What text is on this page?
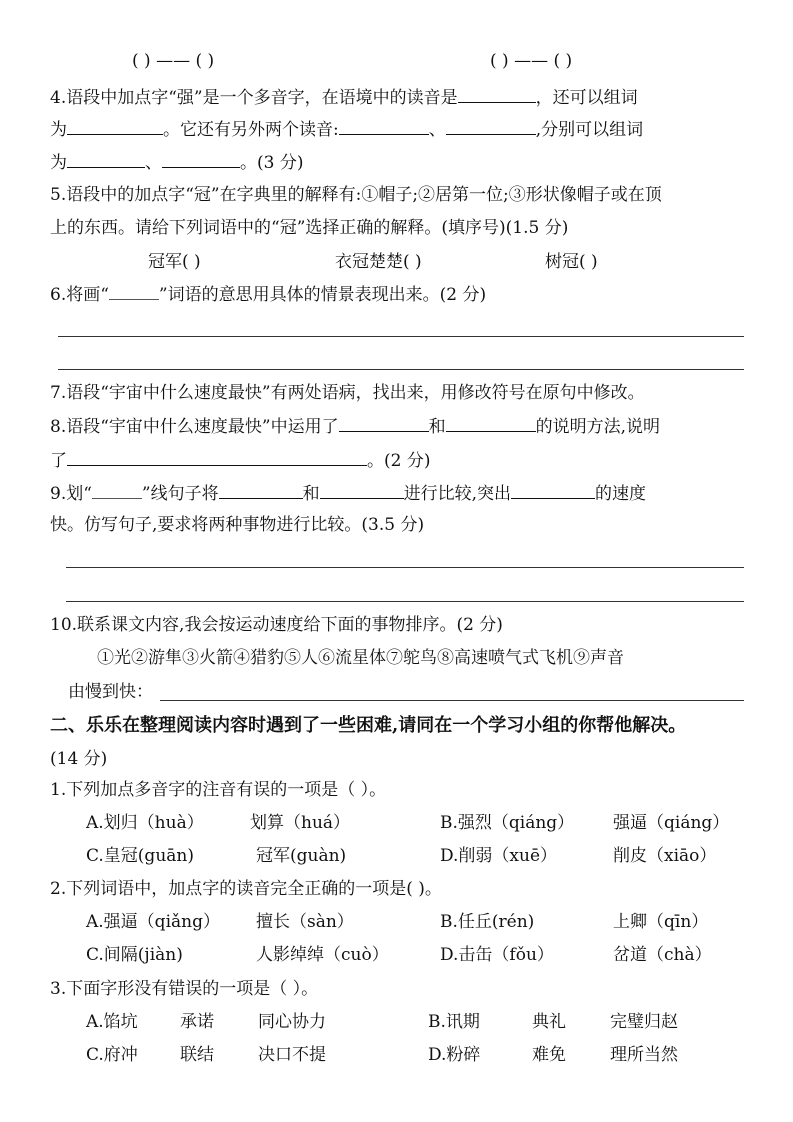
( ) —— ( )	( ) —— ( )
4.语段中加点字“强”是一个多音字，在语境中的读音是	，还可以组词
为	。它还有另外两个读音:	、	,分别可以组词
为	、	。(3 分)
5.语段中的加点字“冠”在字典里的解释有:①帽子;②居第一位;③形状像帽子或在顶
上的东西。请给下列词语中的“冠”选择正确的解释。(填序号)(1.5 分)
冠军( )	衣冠楚楚( )	树冠( )
6.将画“	”词语的意思用具体的情景表现出来。(2 分)
7.语段“宇宙中什么速度最快”有两处语病，找出来，用修改符号在原句中修改。
8.语段“宇宙中什么速度最快”中运用了	和	的说明方法,说明
了	。(2 分)
9.划“	”线句子将	和	进行比较,突出	的速度
快。仿写句子,要求将两种事物进行比较。(3.5 分)
10.联系课文内容,我会按运动速度给下面的事物排序。(2 分)
①光②游隼③火箭④猎豹⑤人⑥流星体⑦鸵鸟⑧高速喷气式飞机⑨声音
由慢到快：
二、乐乐在整理阅读内容时遇到了一些困难,请同在一个学习小组的你帮他解决。
(14 分)
1.下列加点多音字的注音有误的一项是（ ）。
A.划归（huà）	划算（huá）	B.强烈（qiáng） 强逼（qiáng）
C.皇冠(guān)	冠军(guàn)	D.削弱（xuē）	削皮（xiāo）
2.下列词语中，加点字的读音完全正确的一项是( )。
A.强逼（qiǎng） 擅长（sàn）	B.任丘(rén)	上卿（qīn）
C.间隔(jiàn)	人影绰绰（cuò）	D.击缶（fǒu）	岔道（chà）
3.下面字形没有错误的一项是（ ）。
A.馅坑 承诺	同心协力	B.讯期	典礼	完璧归赵
C.府冲 联结	决口不提	D.粉碎	难免	理所当然
